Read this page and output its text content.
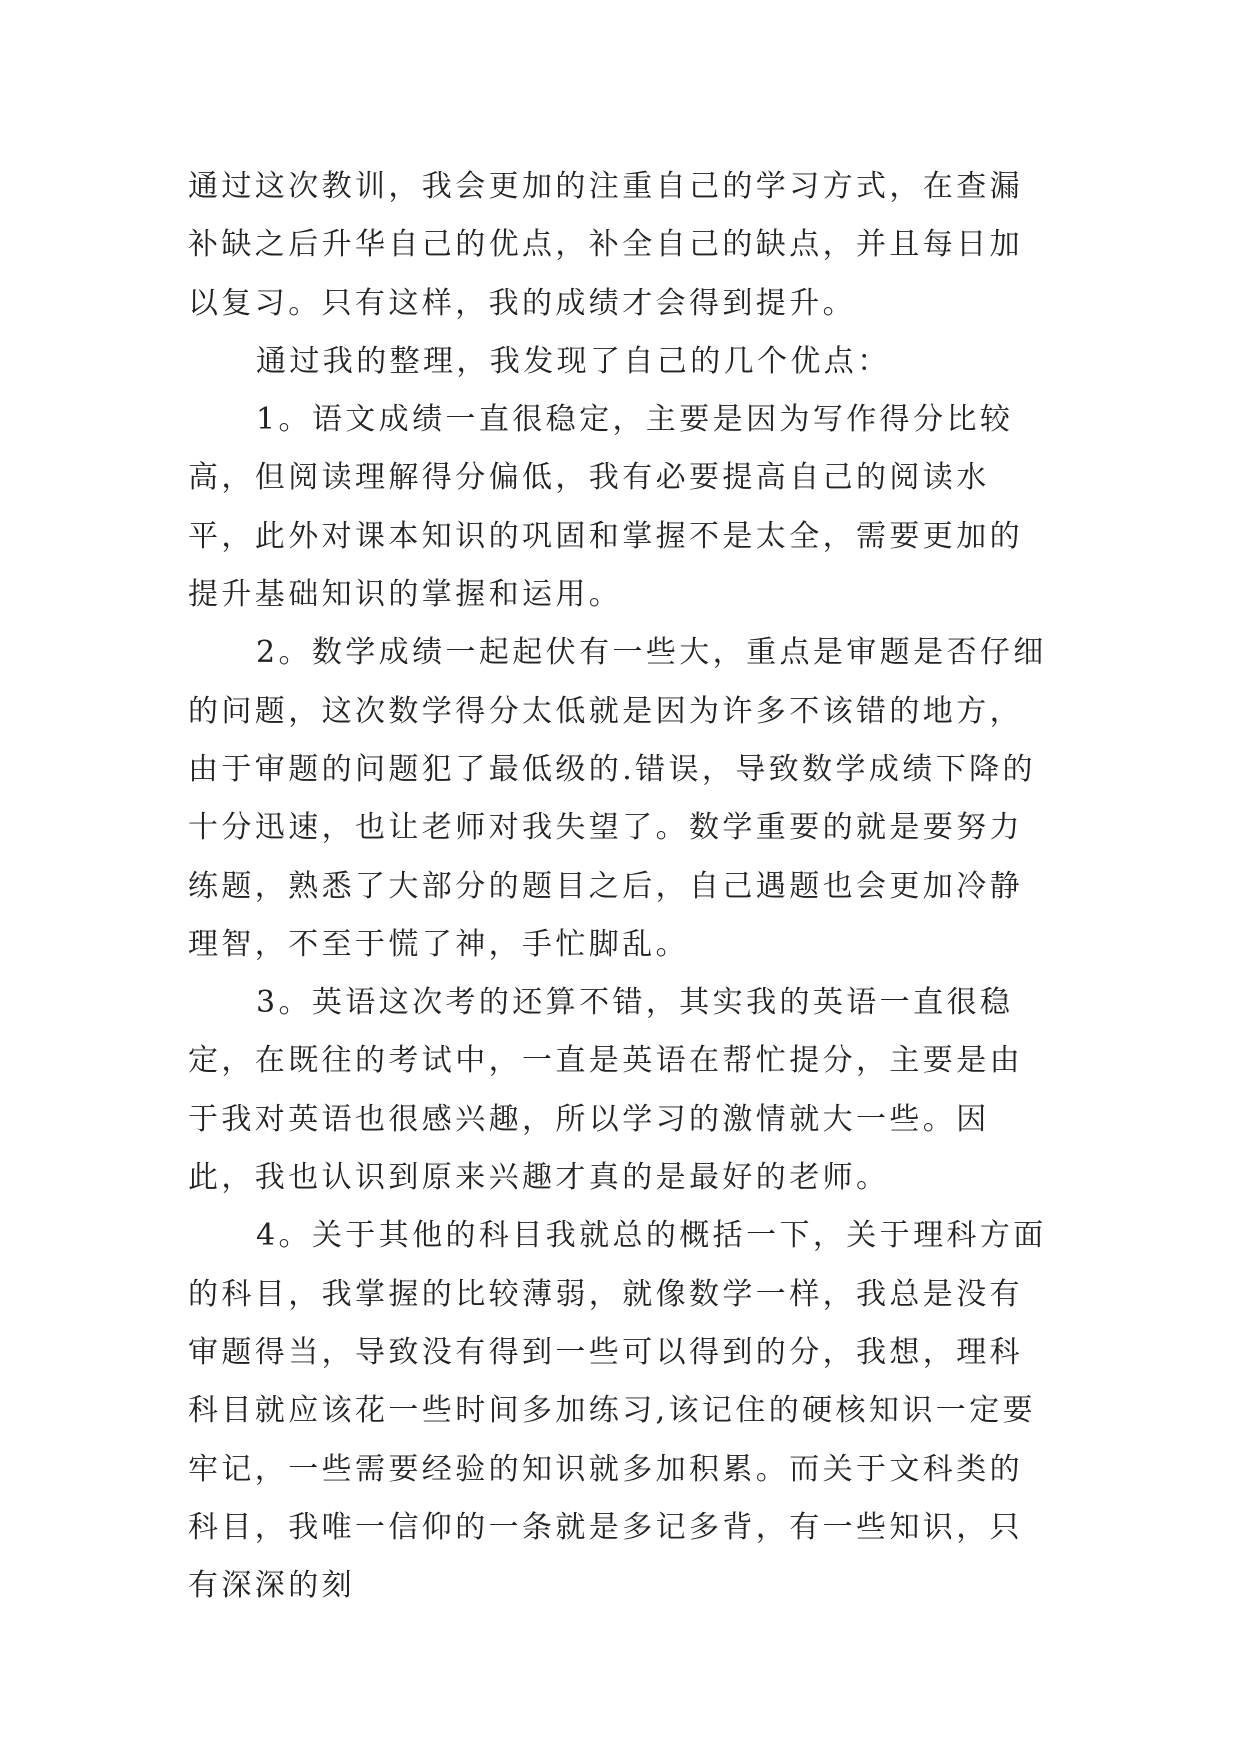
通过这次教训，我会更加的注重自己的学习方式，在查漏补缺之后升华自己的优点，补全自己的缺点，并且每日加以复习。只有这样，我的成绩才会得到提升。

通过我的整理，我发现了自己的几个优点：

1。语文成绩一直很稳定，主要是因为写作得分比较高，但阅读理解得分偏低，我有必要提高自己的阅读水平，此外对课本知识的巩固和掌握不是太全，需要更加的提升基础知识的掌握和运用。

2。数学成绩一起起伏有一些大，重点是审题是否仔细的问题，这次数学得分太低就是因为许多不该错的地方，由于审题的问题犯了最低级的.错误，导致数学成绩下降的十分迅速，也让老师对我失望了。数学重要的就是要努力练题，熟悉了大部分的题目之后，自己遇题也会更加冷静理智，不至于慌了神，手忙脚乱。

3。英语这次考的还算不错，其实我的英语一直很稳定，在既往的考试中，一直是英语在帮忙提分，主要是由于我对英语也很感兴趣，所以学习的激情就大一些。因此，我也认识到原来兴趣才真的是最好的老师。

4。关于其他的科目我就总的概括一下，关于理科方面的科目，我掌握的比较薄弱，就像数学一样，我总是没有审题得当，导致没有得到一些可以得到的分，我想，理科科目就应该花一些时间多加练习,该记住的硬核知识一定要牢记，一些需要经验的知识就多加积累。而关于文科类的科目，我唯一信仰的一条就是多记多背，有一些知识，只有深深的刻
